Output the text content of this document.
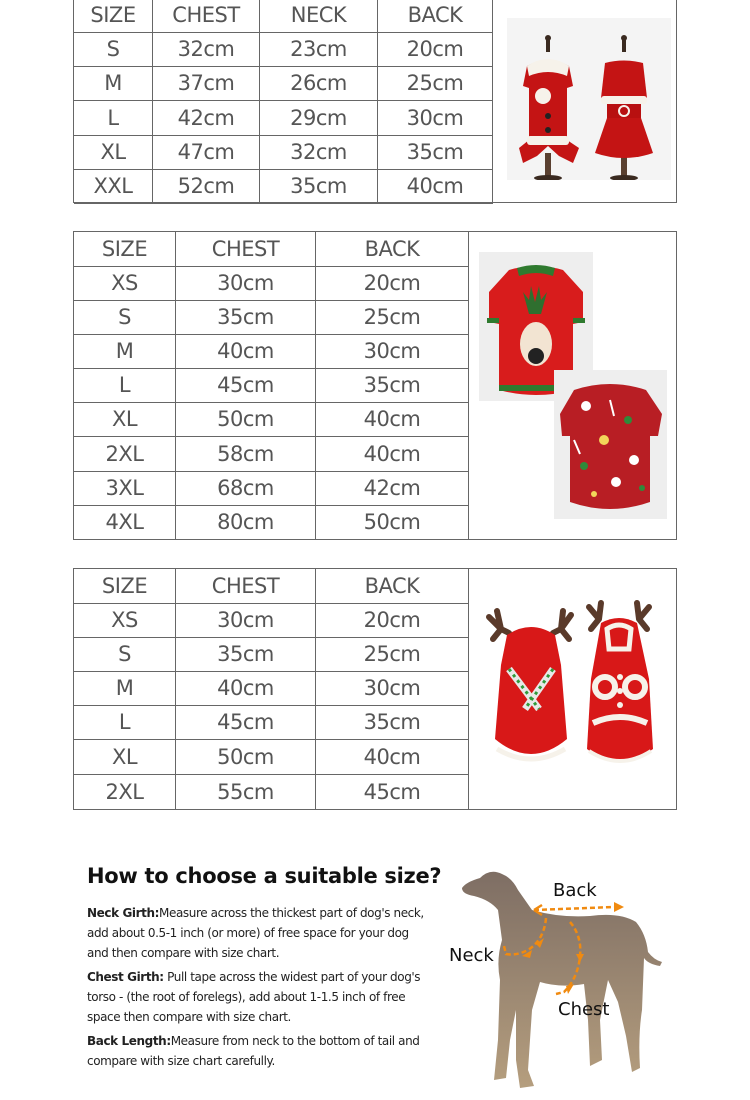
SIZE	CHEST	NECK	BACK
S	32cm	23cm	20cm
M	37cm	26cm	25cm
L	42cm	29cm	30cm
XL	47cm	32cm	35cm
XXL	52cm	35cm	40cm
SIZE	CHEST	BACK
XS	30cm	20cm
S	35cm	25cm
M	40cm	30cm
L	45cm	35cm
XL	50cm	40cm
2XL	58cm	40cm
3XL	68cm	42cm
4XL	80cm	50cm
SIZE	CHEST	BACK
XS	30cm	20cm
S	35cm	25cm
M	40cm	30cm
L	45cm	35cm
XL	50cm	40cm
2XL	55cm	45cm
How to choose a suitable size?
Neck Girth:Measure across the thickest part of dog's neck, add about 0.5-1 inch (or more) of free space for your dog and then compare with size chart.
Chest Girth: Pull tape across the widest part of your dog's torso - (the root of forelegs), add about 1-1.5 inch of free space then compare with size chart.
Back Length:Measure from neck to the bottom of tail and compare with size chart carefully.
Back
Neck
Chest
